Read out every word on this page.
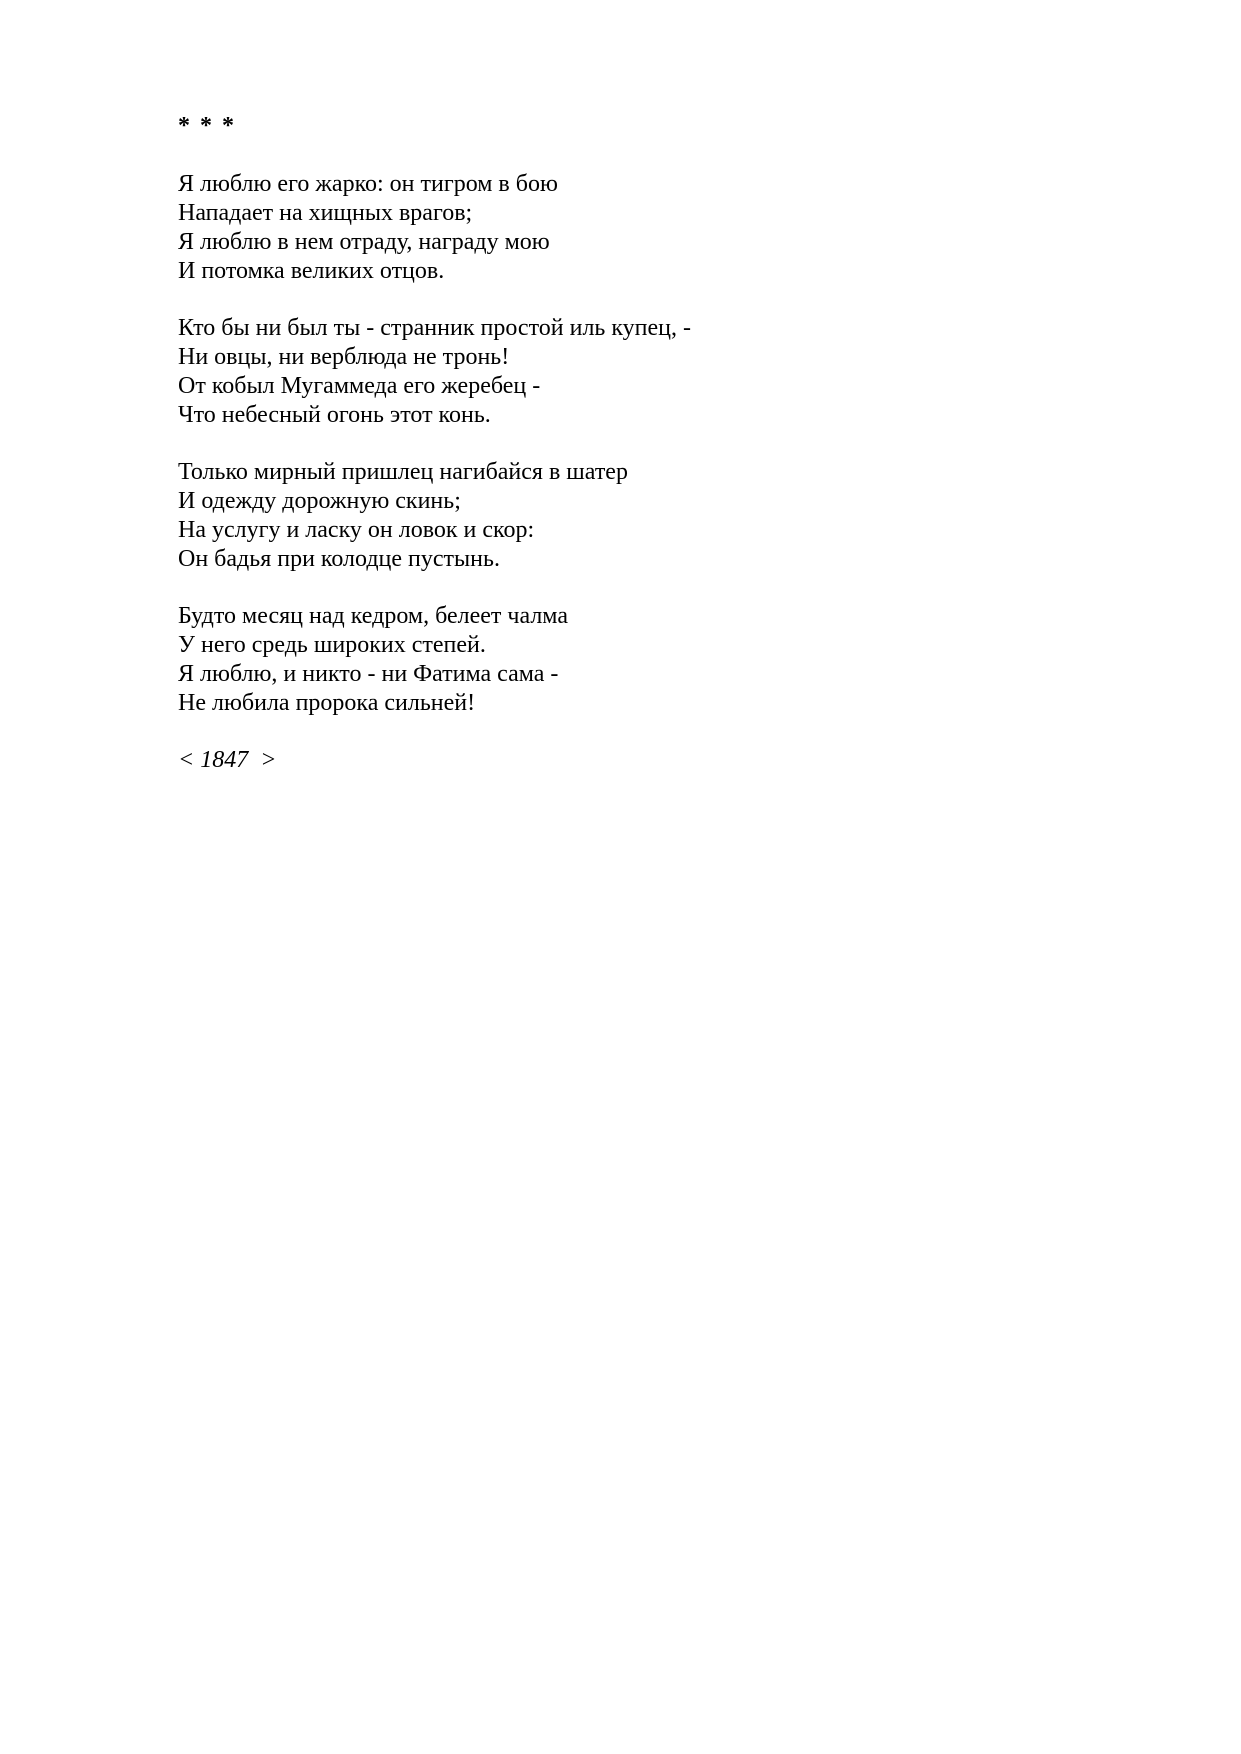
* * *
Я люблю его жарко: он тигром в бою
Нападает на хищных врагов;
Я люблю в нем отраду, награду мою
И потомка великих отцов.
Кто бы ни был ты - странник простой иль купец, -
Ни овцы, ни верблюда не тронь!
От кобыл Мугаммеда его жеребец -
Что небесный огонь этот конь.
Только мирный пришлец нагибайся в шатер
И одежду дорожную скинь;
На услугу и ласку он ловок и скор:
Он бадья при колодце пустынь.
Будто месяц над кедром, белеет чалма
У него средь широких степей.
Я люблю, и никто - ни Фатима сама -
Не любила пророка сильней!
< 1847  >
